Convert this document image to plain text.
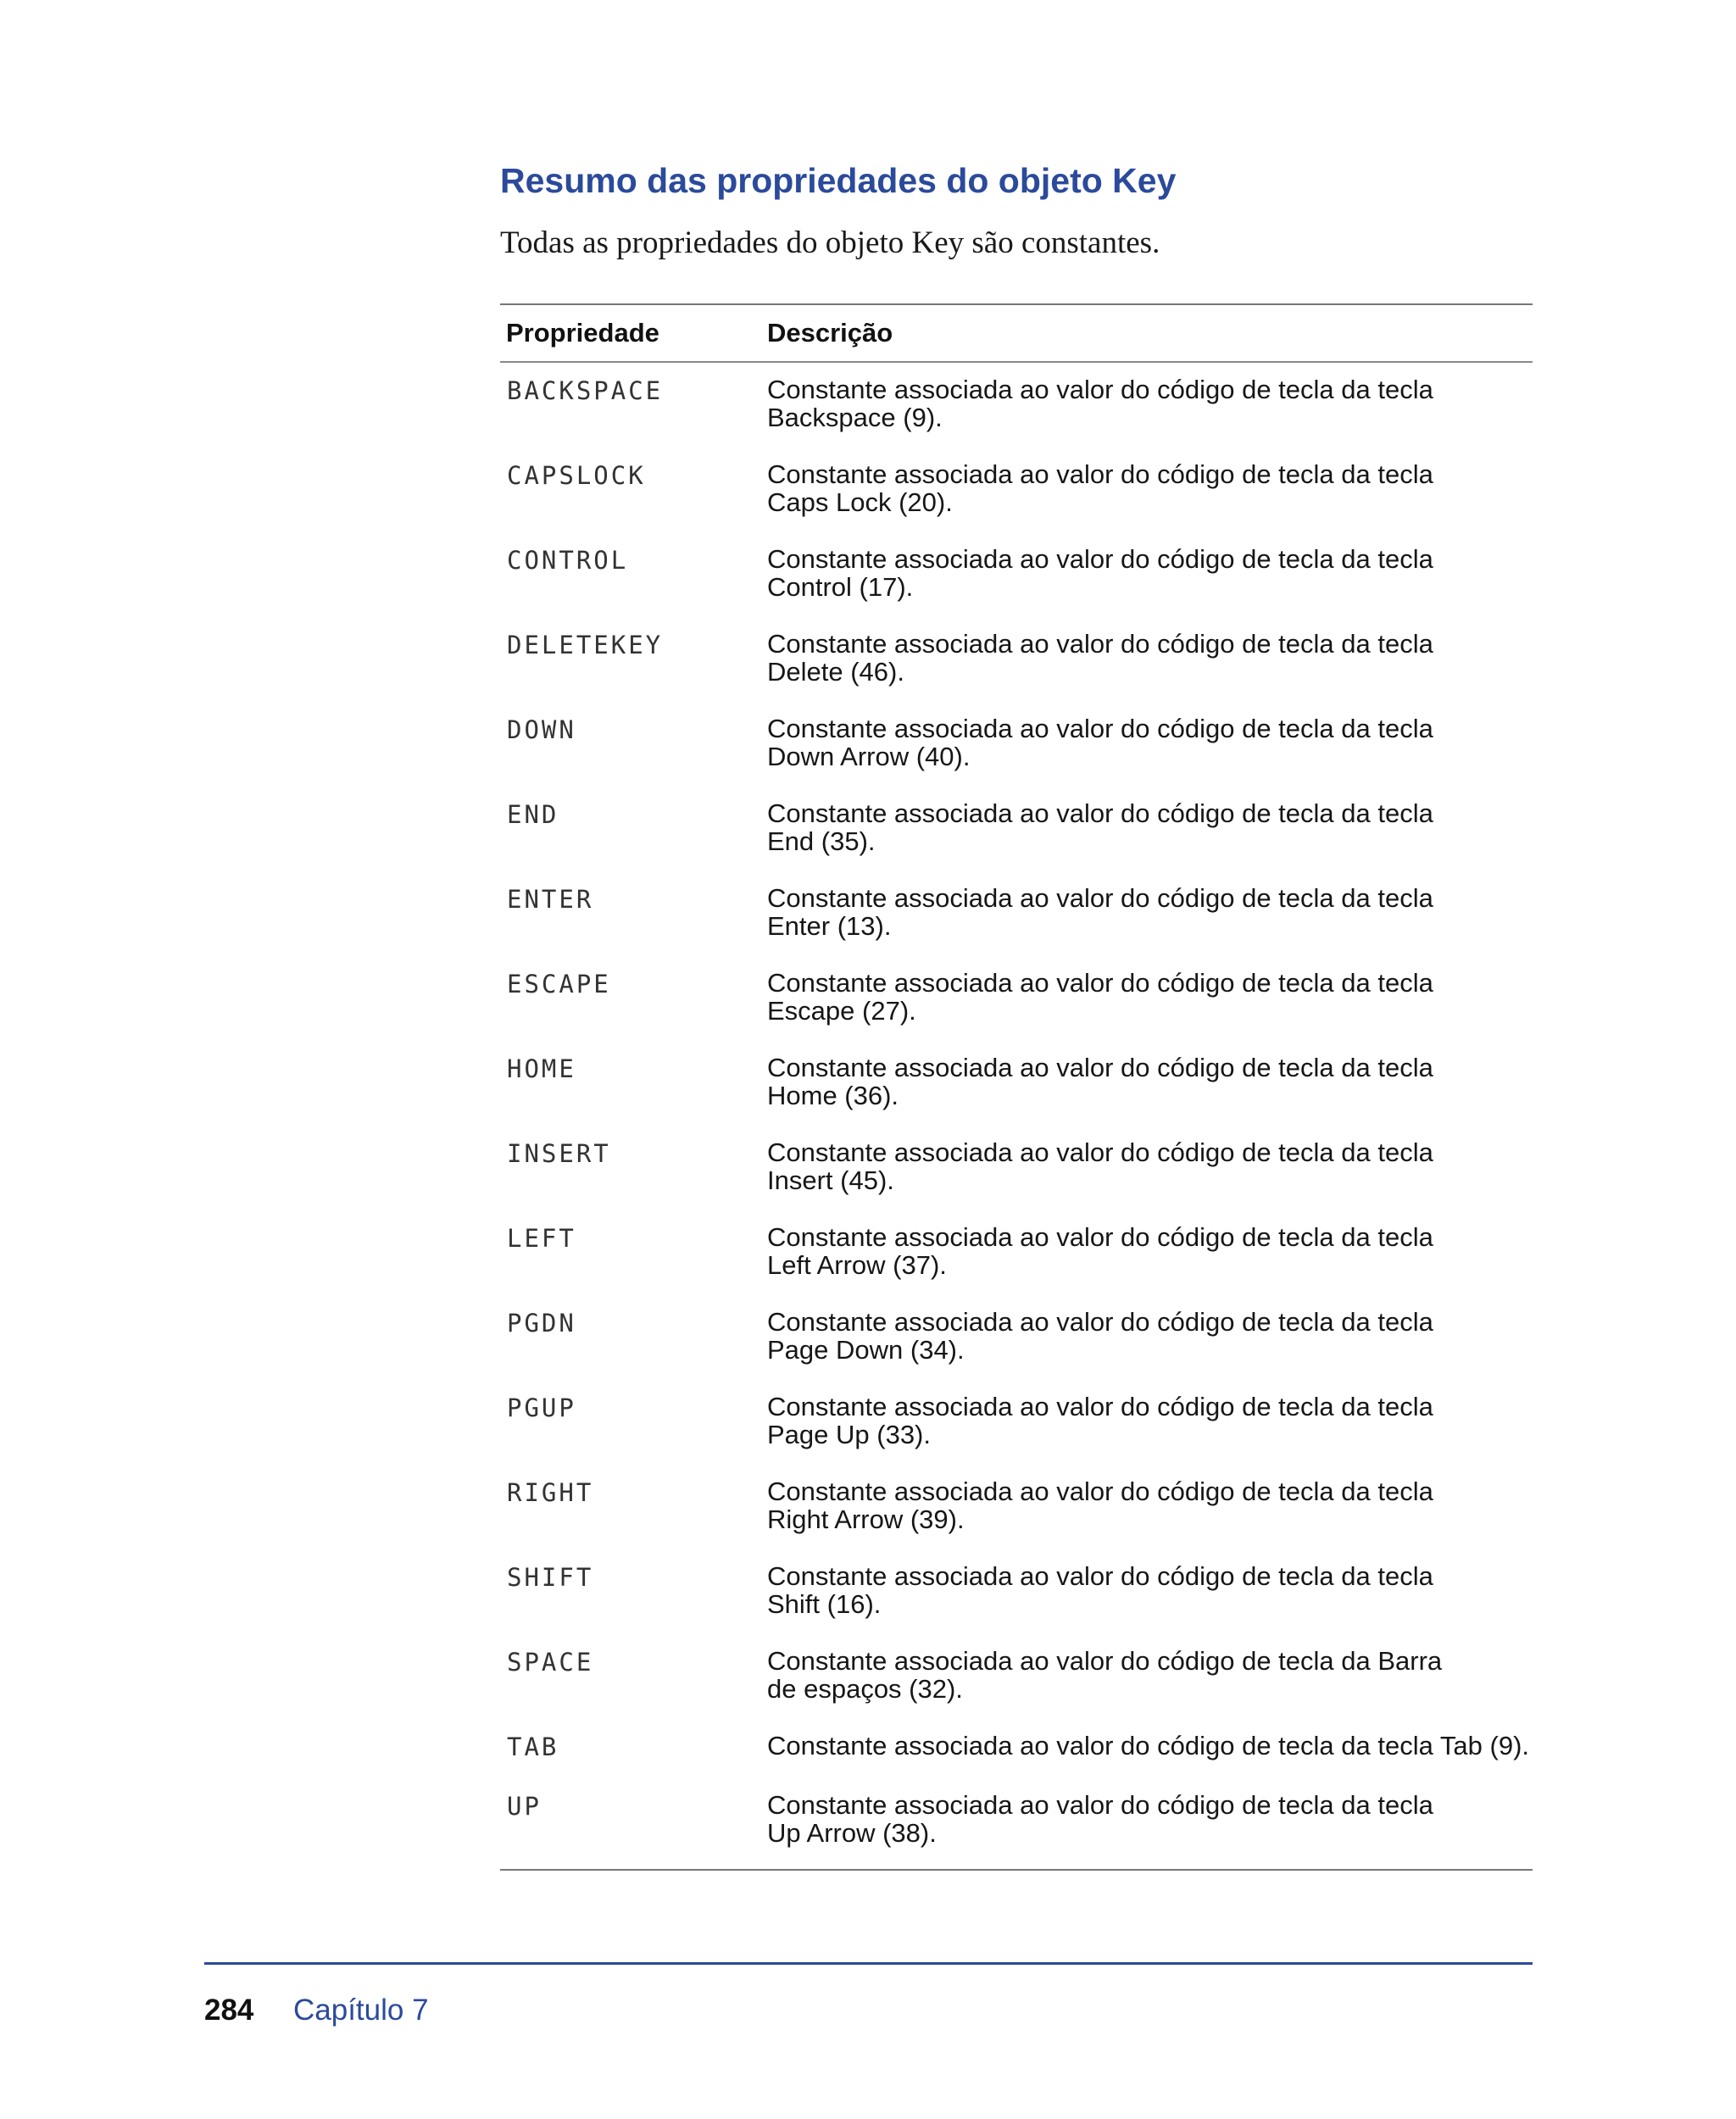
Resumo das propriedades do objeto Key

Todas as propriedades do objeto Key são constantes.

Propriedade	Descrição
BACKSPACE	Constante associada ao valor do código de tecla da tecla
Backspace (9).

CAPSLOCK	Constante associada ao valor do código de tecla da tecla
Caps Lock (20).

CONTROL	Constante associada ao valor do código de tecla da tecla
Control (17).

DELETEKEY	Constante associada ao valor do código de tecla da tecla
Delete (46).

DOWN	Constante associada ao valor do código de tecla da tecla
Down Arrow (40).

END	Constante associada ao valor do código de tecla da tecla
End (35).

ENTER	Constante associada ao valor do código de tecla da tecla
Enter (13).

ESCAPE	Constante associada ao valor do código de tecla da tecla
Escape (27).

HOME	Constante associada ao valor do código de tecla da tecla
Home (36).

INSERT	Constante associada ao valor do código de tecla da tecla
Insert (45).

LEFT	Constante associada ao valor do código de tecla da tecla
Left Arrow (37).

PGDN	Constante associada ao valor do código de tecla da tecla
Page Down (34).

PGUP	Constante associada ao valor do código de tecla da tecla
Page Up (33).

RIGHT	Constante associada ao valor do código de tecla da tecla
Right Arrow (39).

SHIFT	Constante associada ao valor do código de tecla da tecla
Shift (16).

SPACE	Constante associada ao valor do código de tecla da Barra
de espaços (32).

TAB	Constante associada ao valor do código de tecla da tecla Tab (9).

UP	Constante associada ao valor do código de tecla da tecla
Up Arrow (38).
284 Capítulo 7
